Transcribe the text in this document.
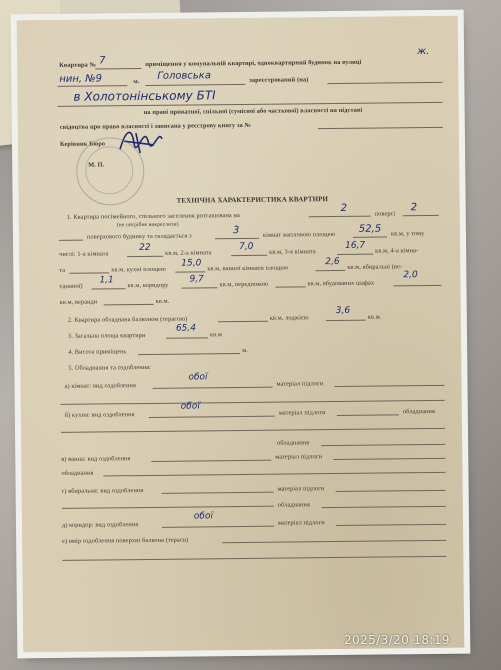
Квартира № 7	приміщення у комунальній квартирі, одноквартирний будинок на вулиці
ж.
нин, №9	м. Головська	зареєстрований (на)
в Холотонінському БТІ
на праві приватної, спільної (сумісної або часткової) власності на підставі
свідоцтва про право власності і записана у реєстрову книгу за №
Керівник Бюро
М. П.
ТЕХНІЧНА ХАРАКТЕРИСТИКА КВАРТИРИ
1. Квартира посімейного, спільного заселення розташована на
2
поверсі
2
(не потрібне викреслити)
поверхового будинку та складається з
3	кімнат житловою площею
52,5 кв.м, у тому
числі: 1-а кімната
22 кв.м, 2-а кімната
7,0 кв.м, 3-я кімната
16,7 кв.м, 4-а кімна-
та	кв.м, кухні площею
15,0 кв.м, ванної кімнати площею
2,6 кв.м, вбиральні (ве-
єднаної)
1,1 кв.м, коридору
9,7 кв.м, передпокою	кв.м, вбудованих шафах
2,0
кв.м, веранди	кв.м.
2. Квартира обладнана балконом (терасою)	кв.м, лоджією
3,6
кв.м.
3. Загальна площа квартири
65,4
кв.м
4. Висота приміщень	м.
5. Обладнання та оздоблення:
а) кімнат: вид оздоблення
обої
матеріал підлоги
б) кухня: вид оздоблення
обої
матеріал підлоги	обладнання
обладнання
в) ванна: вид оздоблення	матеріал підлоги
обладнання
г) вбиральня: вид оздоблення	матеріал підлоги
обладнання
д) коридор: вид оздоблення
обої
матеріал підлоги
е) вмір оздоблення поверхні балкона (тераси)
2025/3/20 18:19
